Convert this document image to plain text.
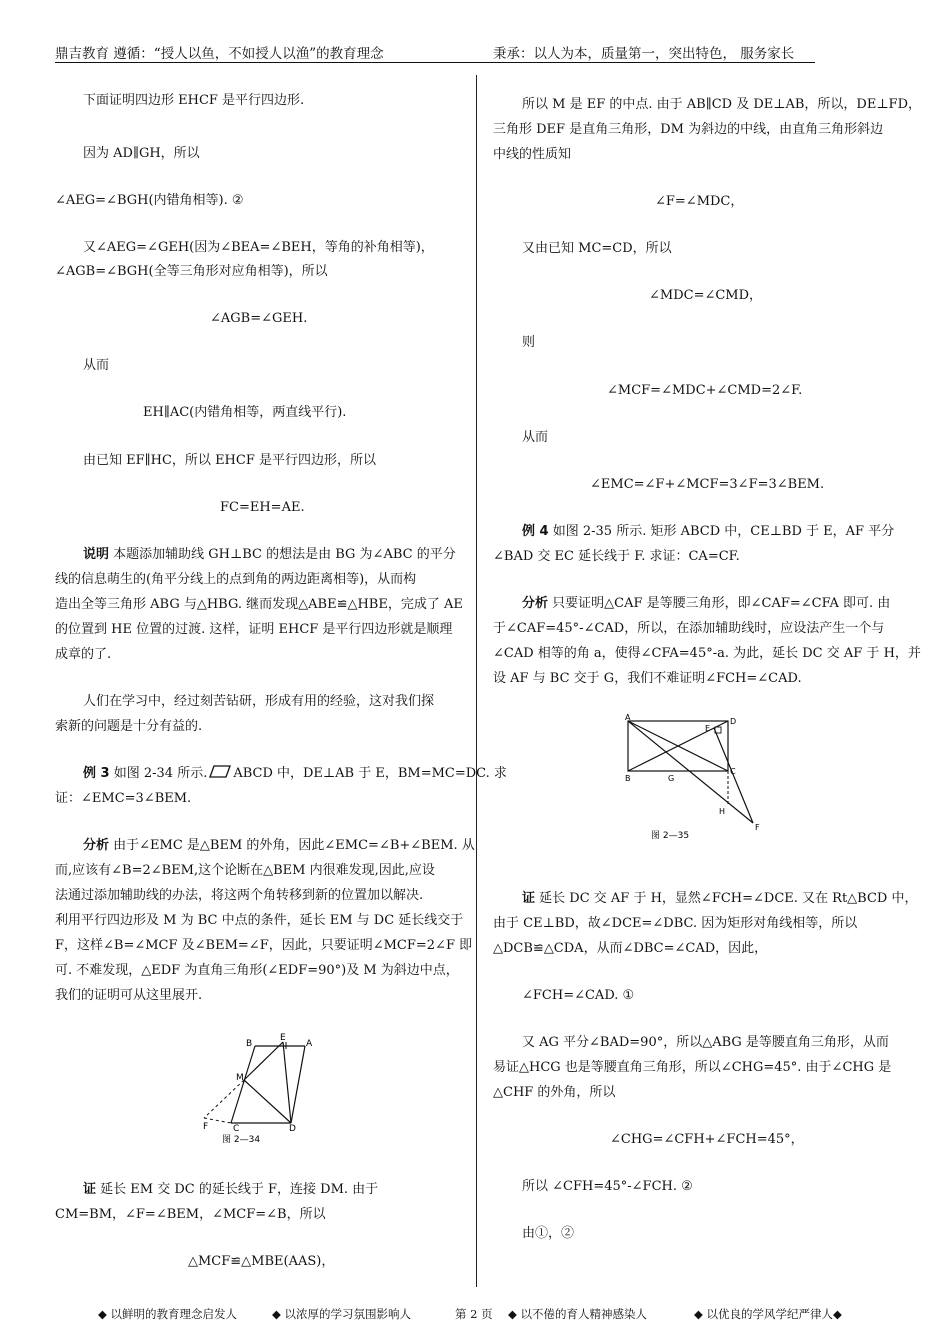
鼎吉教育 遵循：“授人以鱼，不如授人以渔”的教育理念	秉承：以人为本，质量第一，突出特色， 服务家长
下面证明四边形 EHCF 是平行四边形.
因为 AD∥GH，所以
∠AEG=∠BGH(内错角相等). ②
又∠AEG=∠GEH(因为∠BEA=∠BEH，等角的补角相等)，
∠AGB=∠BGH(全等三角形对应角相等)，所以
∠AGB=∠GEH.
从而
EH∥AC(内错角相等，两直线平行).
由已知 EF∥HC，所以 EHCF 是平行四边形，所以
FC=EH=AE.
说明 本题添加辅助线 GH⊥BC 的想法是由 BG 为∠ABC 的平分
线的信息萌生的(角平分线上的点到角的两边距离相等)，从而构
造出全等三角形 ABG 与△HBG. 继而发现△ABE≌△HBE，完成了 AE
的位置到 HE 位置的过渡. 这样，证明 EHCF 是平行四边形就是顺理
成章的了.
人们在学习中，经过刻苦钻研，形成有用的经验，这对我们探
索新的问题是十分有益的.
例 3 如图 2-34 所示. ABCD 中，DE⊥AB 于 E，BM=MC=DC. 求
证：∠EMC=3∠BEM.
分析 由于∠EMC 是△BEM 的外角，因此∠EMC=∠B+∠BEM. 从
而,应该有∠B=2∠BEM,这个论断在△BEM 内很难发现,因此,应设
法通过添加辅助线的办法，将这两个角转移到新的位置加以解决.
利用平行四边形及 M 为 BC 中点的条件，延长 EM 与 DC 延长线交于
F，这样∠B=∠MCF 及∠BEM=∠F，因此，只要证明∠MCF=2∠F 即
可. 不难发现，△EDF 为直角三角形(∠EDF=90°)及 M 为斜边中点，
我们的证明可从这里展开.
B
E
A
M
F	C	D
图 2—34
证 延长 EM 交 DC 的延长线于 F，连接 DM. 由于
CM=BM，∠F=∠BEM，∠MCF=∠B，所以
△MCF≌△MBE(AAS)，
所以 M 是 EF 的中点. 由于 AB∥CD 及 DE⊥AB，所以，DE⊥FD，
三角形 DEF 是直角三角形，DM 为斜边的中线，由直角三角形斜边
中线的性质知
∠F=∠MDC，
又由已知 MC=CD，所以
∠MDC=∠CMD，
则
∠MCF=∠MDC+∠CMD=2∠F.
从而
∠EMC=∠F+∠MCF=3∠F=3∠BEM.
例 4 如图 2-35 所示. 矩形 ABCD 中，CE⊥BD 于 E，AF 平分
∠BAD 交 EC 延长线于 F. 求证：CA=CF.
分析 只要证明△CAF 是等腰三角形，即∠CAF=∠CFA 即可. 由
于∠CAF=45°-∠CAD，所以，在添加辅助线时，应设法产生一个与
∠CAD 相等的角 a，使得∠CFA=45°-a. 为此，延长 DC 交 AF 于 H，并
设 AF 与 BC 交于 G，我们不难证明∠FCH=∠CAD.
A
E
D
B	G
C
H
F
图 2—35
证 延长 DC 交 AF 于 H，显然∠FCH=∠DCE. 又在 Rt△BCD 中，
由于 CE⊥BD，故∠DCE=∠DBC. 因为矩形对角线相等，所以
△DCB≌△CDA，从而∠DBC=∠CAD，因此，
∠FCH=∠CAD. ①
又 AG 平分∠BAD=90°，所以△ABG 是等腰直角三角形，从而
易证△HCG 也是等腰直角三角形，所以∠CHG=45°. 由于∠CHG 是
△CHF 的外角，所以
∠CHG=∠CFH+∠FCH=45°，
所以 ∠CFH=45°-∠FCH. ②
由①，②
◆ 以鲜明的教育理念启发人	◆ 以浓厚的学习氛围影响人	第 2 页 ◆ 以不倦的育人精神感染人	◆ 以优良的学风学纪严律人◆
